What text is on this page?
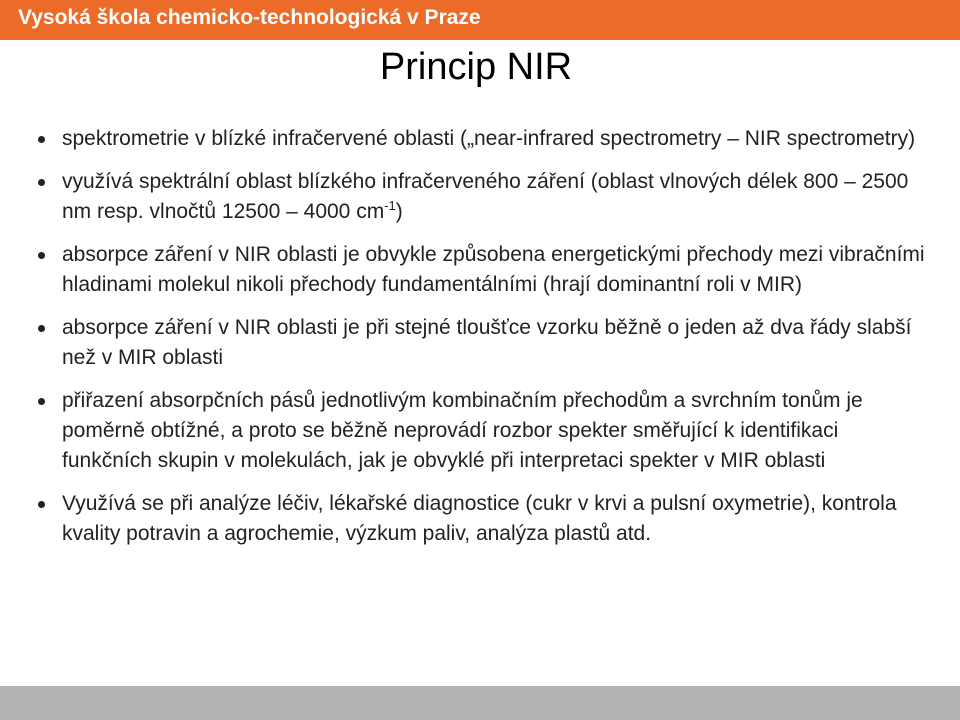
Vysoká škola chemicko-technologická v Praze
Princip NIR
spektrometrie v blízké infračervené oblasti („near-infrared spectrometry – NIR spectrometry)
využívá spektrální oblast blízkého infračerveného záření (oblast vlnových délek 800 – 2500 nm resp. vlnočtů 12500 – 4000 $cm^{-1}$)
absorpce záření v NIR oblasti je obvykle způsobena energetickými přechody mezi vibračními hladinami molekul nikoli přechody fundamentálními (hrají dominantní roli v MIR)
absorpce záření v NIR oblasti je při stejné tloušťce vzorku běžně o jeden až dva řády slabší než v MIR oblasti
přiřazení absorpčních pásů jednotlivým kombinačním přechodům a svrchním tonům je poměrně obtížné, a proto se běžně neprovádí rozbor spekter směřující k identifikaci funkčních skupin v molekulách, jak je obvyklé při interpretaci spekter v MIR oblasti
Využívá se při analýze léčiv, lékařské diagnostice (cukr v krvi a pulsní oxymetrie), kontrola kvality potravin a agrochemie, výzkum paliv, analýza plastů atd.
